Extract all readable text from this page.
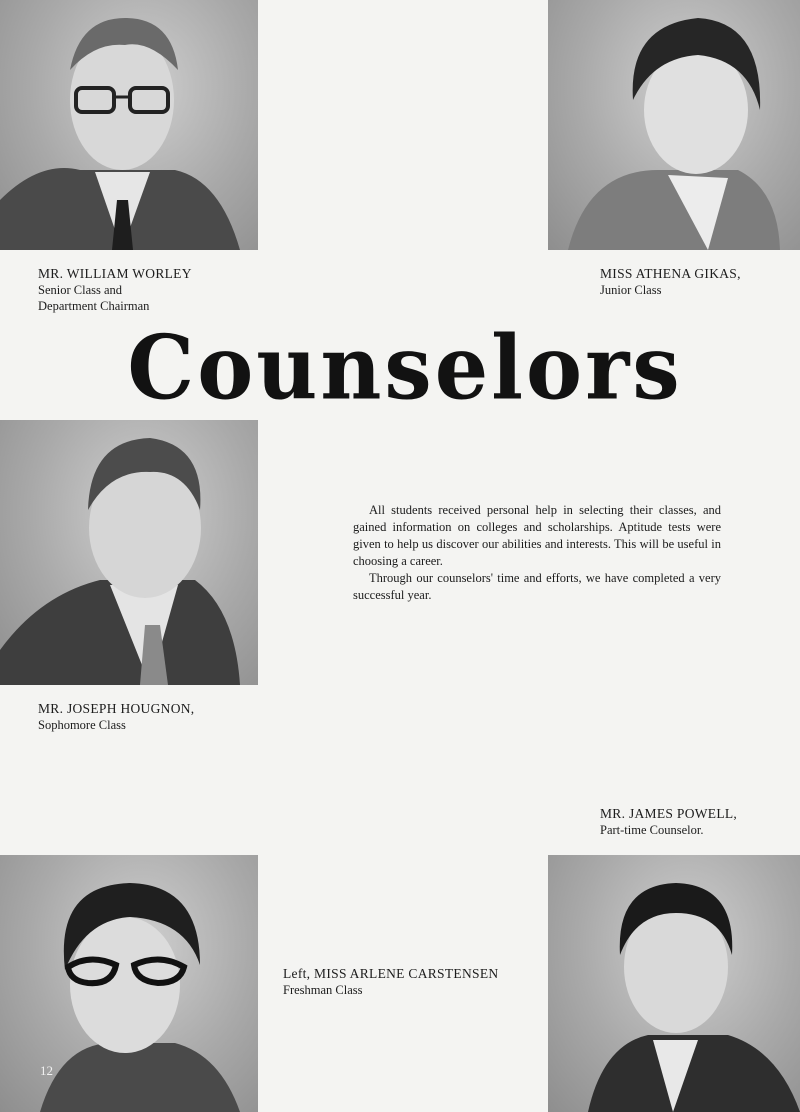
Counselors
MR. WILLIAM WORLEY
Senior Class and
Department Chairman
MISS ATHENA GIKAS,
Junior Class
MR. JOSEPH HOUGNON,
Sophomore Class
MR. JAMES POWELL,
Part-time Counselor.
Left, MISS ARLENE CARSTENSEN
Freshman Class

All students received personal help in selecting their classes, and gained information on colleges and scholarships. Aptitude tests were given to help us discover our abilities and interests. This will be useful in choosing a career.

Through our counselors' time and efforts, we have completed a very successful year.

12
